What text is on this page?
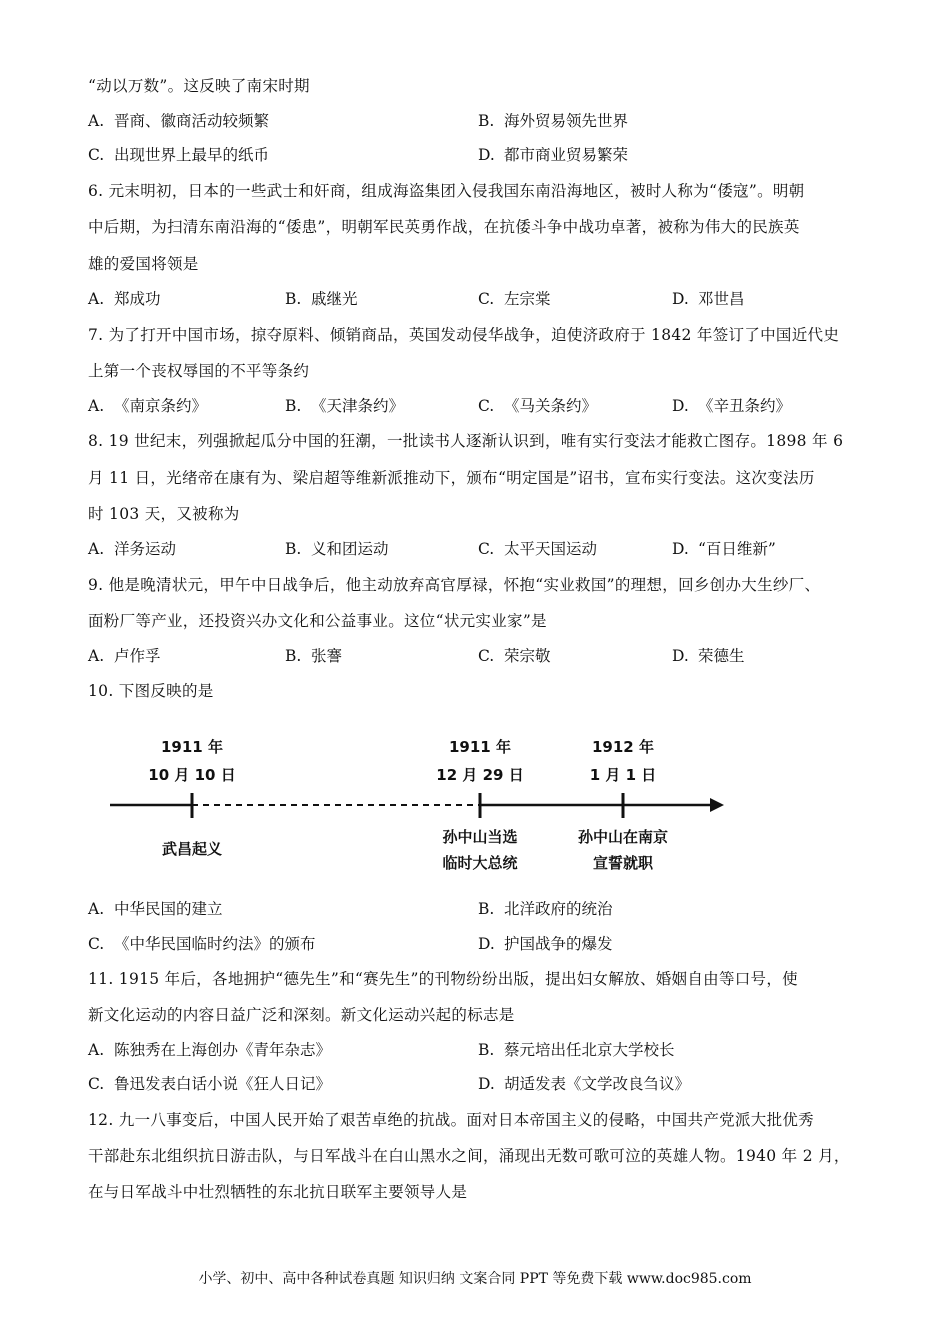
“动以万数”。这反映了南宋时期
A. 晋商、徽商活动较频繁	B. 海外贸易领先世界
C. 出现世界上最早的纸币	D. 都市商业贸易繁荣
6. 元末明初，日本的一些武士和奸商，组成海盗集团入侵我国东南沿海地区，被时人称为“倭寇”。明朝
中后期，为扫清东南沿海的“倭患”，明朝军民英勇作战，在抗倭斗争中战功卓著，被称为伟大的民族英
雄的爱国将领是
A. 郑成功	B. 戚继光	C. 左宗棠	D. 邓世昌
7. 为了打开中国市场，掠夺原料、倾销商品，英国发动侵华战争，迫使济政府于 1842 年签订了中国近代史
上第一个丧权辱国的不平等条约
A. 《南京条约》	B. 《天津条约》	C. 《马关条约》	D. 《辛丑条约》
8. 19 世纪末，列强掀起瓜分中国的狂潮，一批读书人逐渐认识到，唯有实行变法才能救亡图存。1898 年 6
月 11 日，光绪帝在康有为、梁启超等维新派推动下，颁布“明定国是”诏书，宣布实行变法。这次变法历
时 103 天，又被称为
A. 洋务运动	B. 义和团运动	C. 太平天国运动	D. “百日维新”
9. 他是晚清状元，甲午中日战争后，他主动放弃高官厚禄，怀抱“实业救国”的理想，回乡创办大生纱厂、
面粉厂等产业，还投资兴办文化和公益事业。这位“状元实业家”是
A. 卢作孚	B. 张謇	C. 荣宗敬	D. 荣德生
10. 下图反映的是
1911 年
10 月 10 日
武昌起义
1911 年
12 月 29 日
孙中山当选
临时大总统
1912 年
1 月 1 日
孙中山在南京
宣誓就职
A. 中华民国的建立	B. 北洋政府的统治
C. 《中华民国临时约法》的颁布	D. 护国战争的爆发
11. 1915 年后，各地拥护“德先生”和“赛先生”的刊物纷纷出版，提出妇女解放、婚姻自由等口号，使
新文化运动的内容日益广泛和深刻。新文化运动兴起的标志是
A. 陈独秀在上海创办《青年杂志》	B. 蔡元培出任北京大学校长
C. 鲁迅发表白话小说《狂人日记》	D. 胡适发表《文学改良刍议》
12. 九一八事变后，中国人民开始了艰苦卓绝的抗战。面对日本帝国主义的侵略，中国共产党派大批优秀
干部赴东北组织抗日游击队，与日军战斗在白山黑水之间，涌现出无数可歌可泣的英雄人物。1940 年 2 月，
在与日军战斗中壮烈牺牲的东北抗日联军主要领导人是
小学、初中、高中各种试卷真题 知识归纳 文案合同 PPT 等免费下载 www.doc985.com
